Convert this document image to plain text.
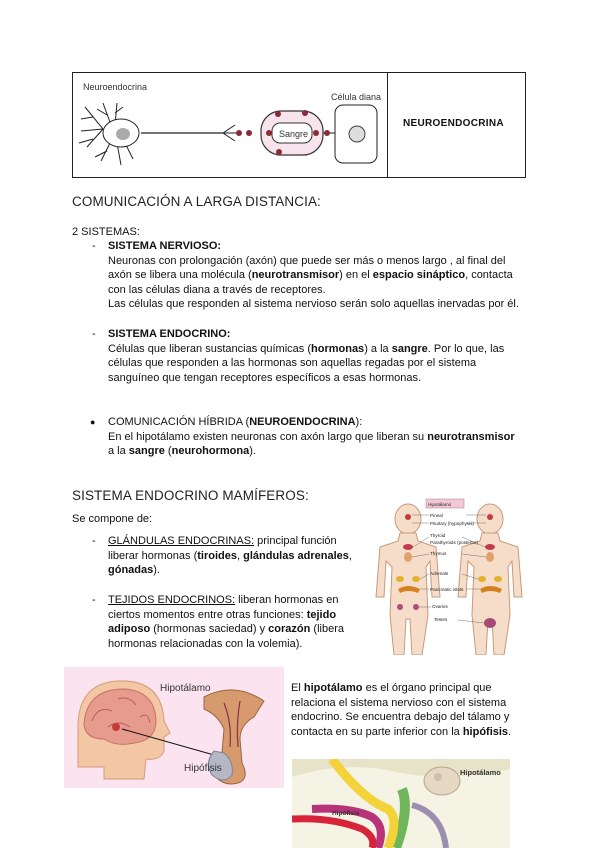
Neuroendocrina
Célula diana
Sangre
NEUROENDOCRINA
COMUNICACIÓN A LARGA DISTANCIA:
2 SISTEMAS:
- SISTEMA NERVIOSO:
Neuronas con prolongación (axón) que puede ser más o menos largo , al final del
axón se libera una molécula (neurotransmisor) en el espacio sináptico, contacta
con las células diana a través de receptores.
Las células que responden al sistema nervioso serán solo aquellas inervadas por él.
- SISTEMA ENDOCRINO:
Células que liberan sustancias químicas (hormonas) a la sangre. Por lo que, las
células que responden a las hormonas son aquellas regadas por el sistema
sanguíneo que tengan receptores específicos a esas hormonas.
● COMUNICACIÓN HÍBRIDA (NEUROENDOCRINA):
En el hipotálamo existen neuronas con axón largo que liberan su neurotransmisor
a la sangre (neurohormona).
SISTEMA ENDOCRINO MAMÍFEROS:
Se compone de:
- GLÁNDULAS ENDOCRINAS: principal función
liberar hormonas (tiroides, glándulas adrenales,
gónadas).
- TEJIDOS ENDOCRINOS: liberan hormonas en
ciertos momentos entre otras funciones: tejido
adiposo (hormonas saciedad) y corazón (libera
hormonas relacionadas con la volemia).
Hipotálamo
Pineal
Pituitary (hypophysis)
Thyroid
Parathyroids (posterior)
Thymus
Adrenals
Pancreatic islets
Ovaries
Testes
Hipotálamo
Hipófisis
El hipotálamo es el órgano principal que
relaciona el sistema nervioso con el sistema
endocrino. Se encuentra debajo del tálamo y
contacta en su parte inferior con la hipófisis.
Hipotálamo
Hipófisis
